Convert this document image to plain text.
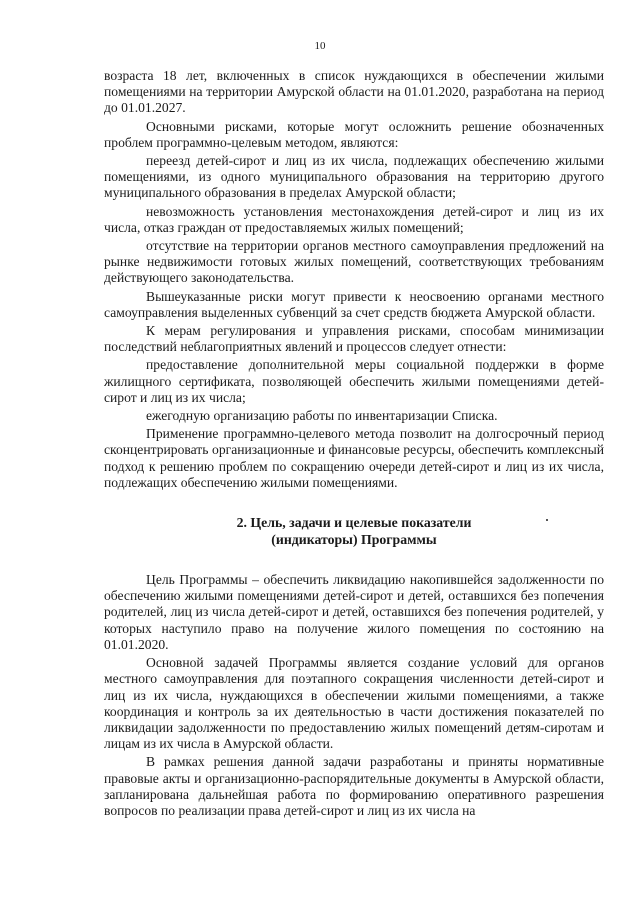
10

возраста 18 лет, включенных в список нуждающихся в обеспечении жилыми помещениями на территории Амурской области на 01.01.2020, разработана на период до 01.01.2027.

Основными рисками, которые могут осложнить решение обозначенных проблем программно-целевым методом, являются:

переезд детей-сирот и лиц из их числа, подлежащих обеспечению жилыми помещениями, из одного муниципального образования на территорию другого муниципального образования в пределах Амурской области;

невозможность установления местонахождения детей-сирот и лиц из их числа, отказ граждан от предоставляемых жилых помещений;

отсутствие на территории органов местного самоуправления предложений на рынке недвижимости готовых жилых помещений, соответствующих требованиям действующего законодательства.

Вышеуказанные риски могут привести к неосвоению органами местного самоуправления выделенных субвенций за счет средств бюджета Амурской области.

К мерам регулирования и управления рисками, способам минимизации последствий неблагоприятных явлений и процессов следует отнести:

предоставление дополнительной меры социальной поддержки в форме жилищного сертификата, позволяющей обеспечить жилыми помещениями детей-сирот и лиц из их числа;

ежегодную организацию работы по инвентаризации Списка.

Применение программно-целевого метода позволит на долгосрочный период сконцентрировать организационные и финансовые ресурсы, обеспечить комплексный подход к решению проблем по сокращению очереди детей-сирот и лиц из их числа, подлежащих обеспечению жилыми помещениями.

2. Цель, задачи и целевые показатели
(индикаторы) Программы

Цель Программы – обеспечить ликвидацию накопившейся задолженности по обеспечению жилыми помещениями детей-сирот и детей, оставшихся без попечения родителей, лиц из числа детей-сирот и детей, оставшихся без попечения родителей, у которых наступило право на получение жилого помещения по состоянию на 01.01.2020.

Основной задачей Программы является создание условий для органов местного самоуправления для поэтапного сокращения численности детей-сирот и лиц из их числа, нуждающихся в обеспечении жилыми помещениями, а также координация и контроль за их деятельностью в части достижения показателей по ликвидации задолженности по предоставлению жилых помещений детям-сиротам и лицам из их числа в Амурской области.

В рамках решения данной задачи разработаны и приняты нормативные правовые акты и организационно-распорядительные документы в Амурской области, запланирована дальнейшая работа по формированию оперативного разрешения вопросов по реализации права детей-сирот и лиц из их числа на
